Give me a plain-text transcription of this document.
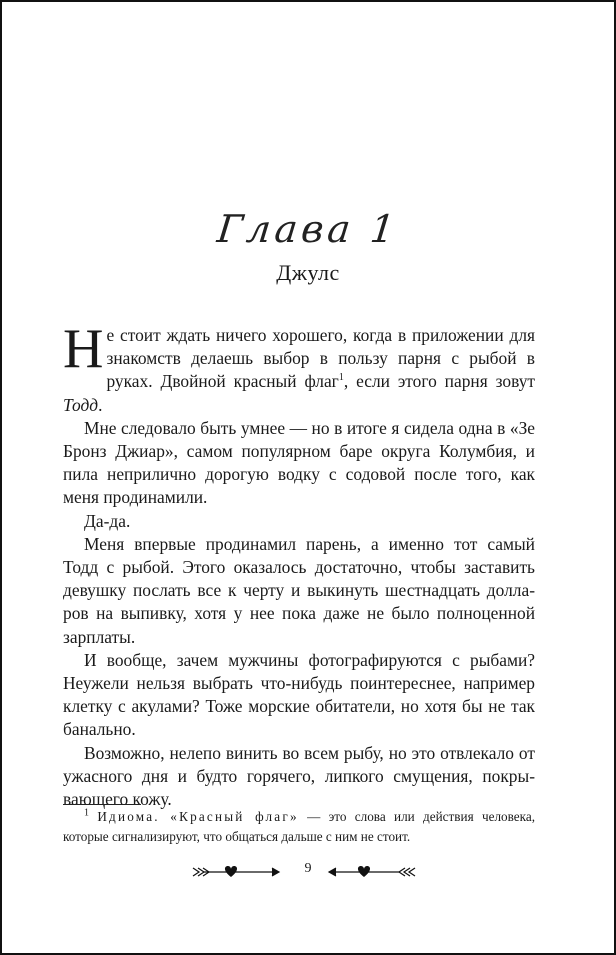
Глава 1
Джулс

Не стоит ждать ничего хорошего, когда в приложении для знакомств делаешь выбор в пользу парня с рыбой в руках. Двойной красный флаг$^1$, если этого парня зовут Тодд.

Мне следовало быть умнее — но в итоге я сидела одна в «Зе Бронз Джиар», самом популярном баре округа Колумбия, и пила неприлично дорогую водку с содовой после того, как меня продинамили.

Да-да.

Меня впервые продинамил парень, а именно тот самый Тодд с рыбой. Этого оказалось достаточно, чтобы заставить девушку послать все к черту и выкинуть шестнадцать долларов на выпивку, хотя у нее пока даже не было полноценной зарплаты.

И вообще, зачем мужчины фотографируются с рыбами? Неужели нельзя выбрать что-нибудь поинтереснее, например клетку с акулами? Тоже морские обитатели, но хотя бы не так банально.

Возможно, нелепо винить во всем рыбу, но это отвлекало от ужасного дня и будто горячего, липкого смущения, покрывающего кожу.

$^1$ Идиома. «Красный флаг» — это слова или действия человека, которые сигнализируют, что общаться дальше с ним не стоит.

9
